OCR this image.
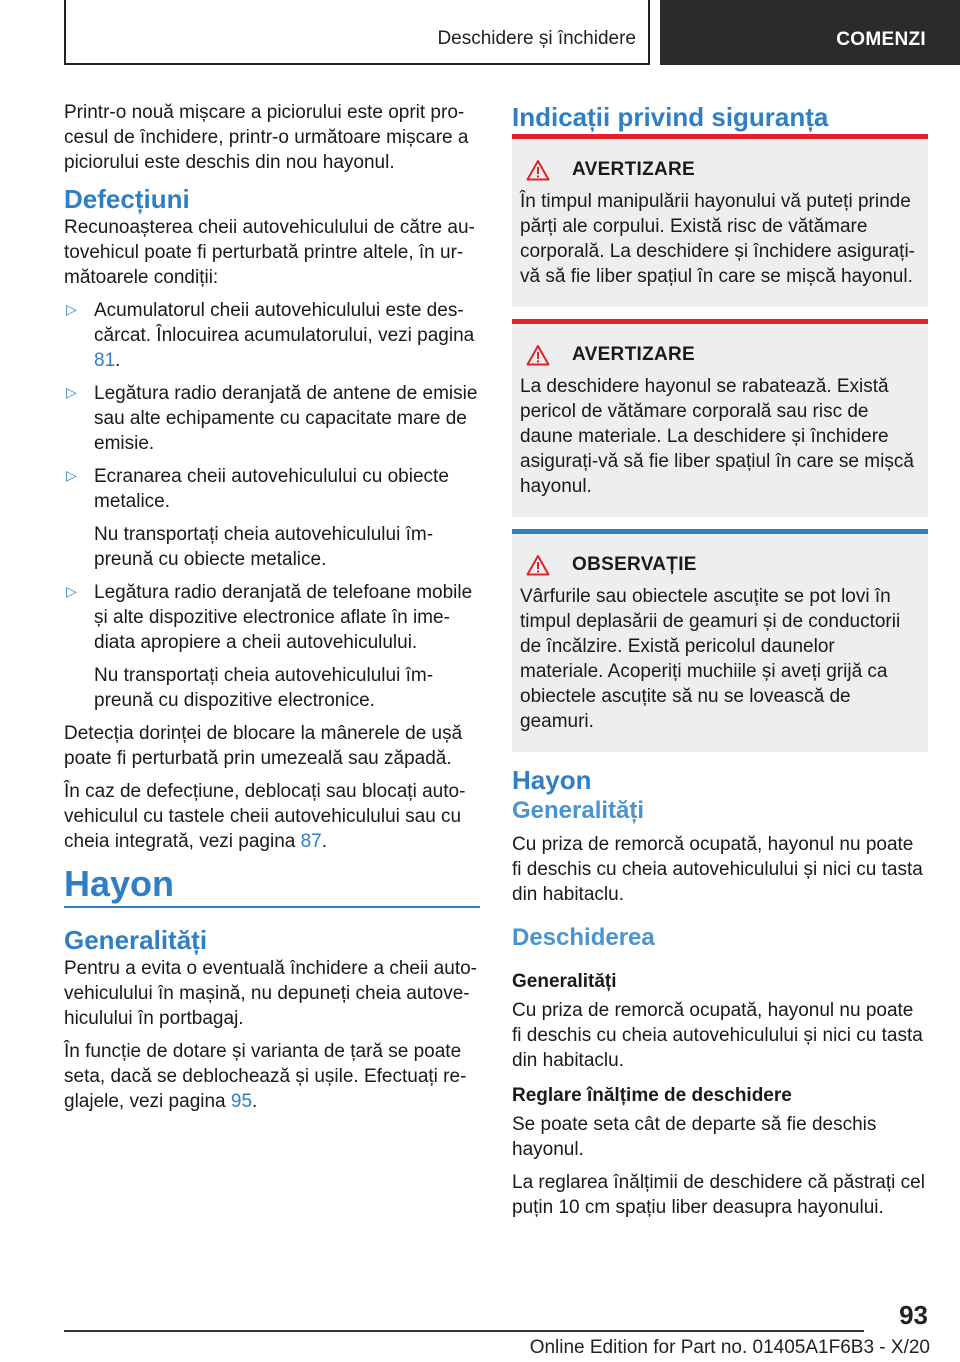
Deschidere și închidere	COMENZI

Printr-o nouă mișcare a piciorului este oprit procesul de închidere, printr-o următoare mișcare a piciorului este deschis din nou hayonul.

Defecțiuni

Recunoașterea cheii autovehiculului de către autovehicul poate fi perturbată printre altele, în următoarele condiții:

▷ Acumulatorul cheii autovehiculului este descărcat. Înlocuirea acumulatorului, vezi pagina 81.

▷ Legătura radio deranjată de antene de emisie sau alte echipamente cu capacitate mare de emisie.

▷ Ecranarea cheii autovehiculului cu obiecte metalice.

Nu transportați cheia autovehiculului împreună cu obiecte metalice.

▷ Legătura radio deranjată de telefoane mobile și alte dispozitive electronice aflate în imediata apropiere a cheii autovehiculului.

Nu transportați cheia autovehiculului împreună cu dispozitive electronice.

Detecția dorinței de blocare la mânerele de ușă poate fi perturbată prin umezeală sau zăpadă.

În caz de defecțiune, deblocați sau blocați autovehiculul cu tastele cheii autovehiculului sau cu cheia integrată, vezi pagina 87.

Hayon
Generalități

Pentru a evita o eventuală închidere a cheii autovehiculului în mașină, nu depuneți cheia autovehiculului în portbagaj.

În funcție de dotare și varianta de țară se poate seta, dacă se deblochează și ușile. Efectuați reglajele, vezi pagina 95.

Indicații privind siguranța
AVERTIZARE

În timpul manipulării hayonului vă puteți prinde părți ale corpului. Există risc de vătămare corporală. La deschidere și închidere asigurați-vă să fie liber spațiul în care se mișcă hayonul.

AVERTIZARE

La deschidere hayonul se rabatează. Există pericol de vătămare corporală sau risc de daune materiale. La deschidere și închidere asigurați-vă să fie liber spațiul în care se mișcă hayonul.

OBSERVAȚIE

Vârfurile sau obiectele ascuțite se pot lovi în timpul deplasării de geamuri și de conductorii de încălzire. Există pericolul daunelor materiale. Acoperiți muchiile și aveți grijă ca obiectele ascuțite să nu se lovească de geamuri.

Hayon
Generalități

Cu priza de remorcă ocupată, hayonul nu poate fi deschis cu cheia autovehiculului și nici cu tasta din habitaclu.

Deschiderea
Generalități

Cu priza de remorcă ocupată, hayonul nu poate fi deschis cu cheia autovehiculului și nici cu tasta din habitaclu.

Reglare înălțime de deschidere

Se poate seta cât de departe să fie deschis hayonul.

La reglarea înălțimii de deschidere că păstrați cel puțin 10 cm spațiu liber deasupra hayonului.

93
Online Edition for Part no. 01405A1F6B3 - X/20
